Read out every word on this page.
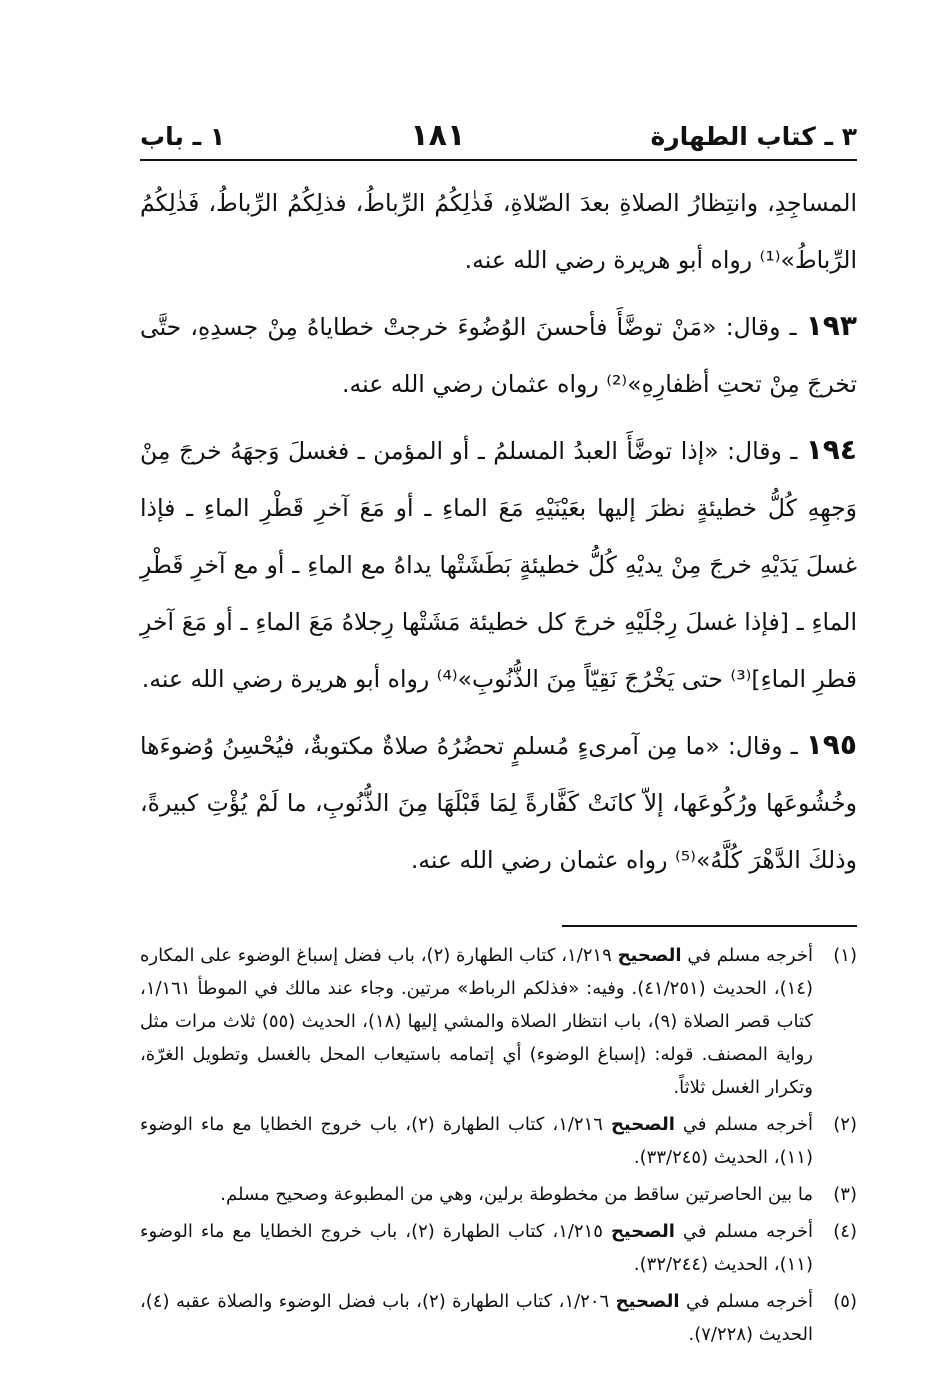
٣ ـ كتاب الطهارة
١٨١
١ ـ باب

المساجِدِ، وانتِظارُ الصلاةِ بعدَ الصّلاةِ، فَذٰلِكُمُ الرِّباطُ، فذلِكُمُ الرِّباطُ، فَذٰلِكُمُ الرِّباطُ»⁽¹⁾ رواه أبو هريرة رضي الله عنه.

١٩٣ ـ وقال: «مَنْ توضَّأَ فأحسنَ الوُضُوءَ خرجتْ خطاياهُ مِنْ جسدِهِ، حتَّى تخرجَ مِنْ تحتِ أظفارِهِ»⁽²⁾ رواه عثمان رضي الله عنه.

١٩٤ ـ وقال: «إذا توضَّأَ العبدُ المسلمُ ـ أو المؤمن ـ فغسلَ وَجهَهُ خرجَ مِنْ وَجهِهِ كُلُّ خطيئةٍ نظرَ إليها بعَيْنَيْهِ مَعَ الماءِ ـ أو مَعَ آخرِ قَطْرِ الماءِ ـ فإذا غسلَ يَدَيْهِ خرجَ مِنْ يديْهِ كُلُّ خطيئةٍ بَطَشَتْها يداهُ مع الماءِ ـ أو مع آخرِ قَطْرِ الماءِ ـ [فإذا غسلَ رِجْلَيْهِ خرجَ كل خطيئة مَشَتْها رِجلاهُ مَعَ الماءِ ـ أو مَعَ آخرِ قطرِ الماءِ]⁽³⁾ حتى يَخْرُجَ نَقِيّاً مِنَ الذُّنُوبِ»⁽⁴⁾ رواه أبو هريرة رضي الله عنه.

١٩٥ ـ وقال: «ما مِن آمرىءٍ مُسلمٍ تحضُرُهُ صلاةٌ مكتوبةٌ، فيُحْسِنُ وُضوءَها وخُشُوعَها ورُكُوعَها، إلاّ كانَتْ كَفَّارةً لِمَا قَبْلَهَا مِنَ الذُّنُوبِ، ما لَمْ يُؤْتِ كبيرةً، وذلكَ الدَّهْرَ كُلَّهُ»⁽⁵⁾ رواه عثمان رضي الله عنه.

(١)
أخرجه مسلم في الصحيح ١/٢١٩، كتاب الطهارة (٢)، باب فضل إسباغ الوضوء على المكاره (١٤)، الحديث (٤١/٢٥١). وفيه: «فذلكم الرباط» مرتين. وجاء عند مالك في الموطأ ١/١٦١، كتاب قصر الصلاة (٩)، باب انتظار الصلاة والمشي إليها (١٨)، الحديث (٥٥) ثلاث مرات مثل رواية المصنف. قوله: (إسباغ الوضوء) أي إتمامه باستيعاب المحل بالغسل وتطويل الغرّة، وتكرار الغسل ثلاثاً.
(٢)
أخرجه مسلم في الصحيح ١/٢١٦، كتاب الطهارة (٢)، باب خروج الخطايا مع ماء الوضوء (١١)، الحديث (٣٣/٢٤٥).
(٣)
ما بين الحاصرتين ساقط من مخطوطة برلين، وهي من المطبوعة وصحيح مسلم.
(٤)
أخرجه مسلم في الصحيح ١/٢١٥، كتاب الطهارة (٢)، باب خروج الخطايا مع ماء الوضوء (١١)، الحديث (٣٢/٢٤٤).
(٥)
أخرجه مسلم في الصحيح ١/٢٠٦، كتاب الطهارة (٢)، باب فضل الوضوء والصلاة عقبه (٤)، الحديث (٧/٢٢٨).
